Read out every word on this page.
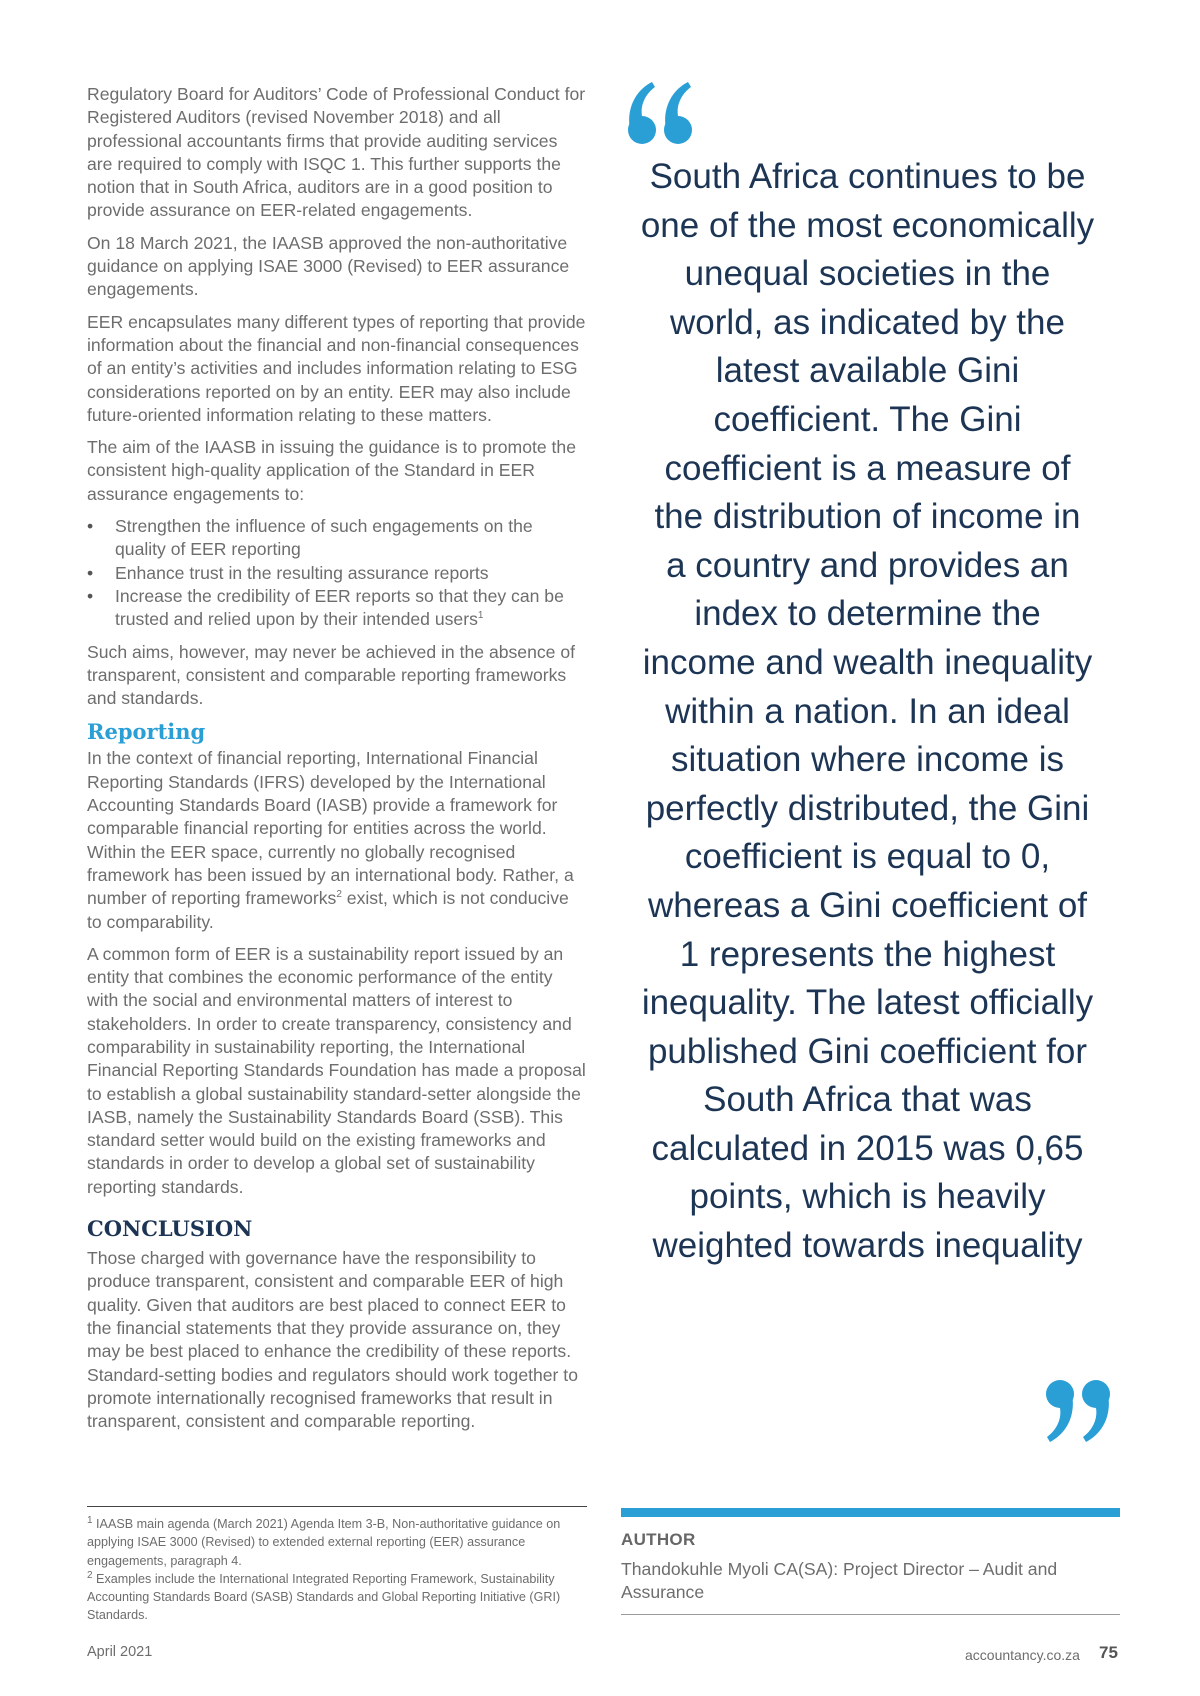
Regulatory Board for Auditors’ Code of Professional Conduct for Registered Auditors (revised November 2018) and all professional accountants firms that provide auditing services are required to comply with ISQC 1. This further supports the notion that in South Africa, auditors are in a good position to provide assurance on EER-related engagements.

On 18 March 2021, the IAASB approved the non-authoritative guidance on applying ISAE 3000 (Revised) to EER assurance engagements.

EER encapsulates many different types of reporting that provide information about the financial and non-financial consequences of an entity’s activities and includes information relating to ESG considerations reported on by an entity. EER may also include future-oriented information relating to these matters.

The aim of the IAASB in issuing the guidance is to promote the consistent high-quality application of the Standard in EER assurance engagements to:

• Strengthen the influence of such engagements on the quality of EER reporting
• Enhance trust in the resulting assurance reports
• Increase the credibility of EER reports so that they can be trusted and relied upon by their intended users$^1$

Such aims, however, may never be achieved in the absence of transparent, consistent and comparable reporting frameworks and standards.

Reporting

In the context of financial reporting, International Financial Reporting Standards (IFRS) developed by the International Accounting Standards Board (IASB) provide a framework for comparable financial reporting for entities across the world. Within the EER space, currently no globally recognised framework has been issued by an international body. Rather, a number of reporting frameworks$^2$ exist, which is not conducive to comparability.

A common form of EER is a sustainability report issued by an entity that combines the economic performance of the entity with the social and environmental matters of interest to stakeholders. In order to create transparency, consistency and comparability in sustainability reporting, the International Financial Reporting Standards Foundation has made a proposal to establish a global sustainability standard-setter alongside the IASB, namely the Sustainability Standards Board (SSB). This standard setter would build on the existing frameworks and standards in order to develop a global set of sustainability reporting standards.

CONCLUSION

Those charged with governance have the responsibility to produce transparent, consistent and comparable EER of high quality. Given that auditors are best placed to connect EER to the financial statements that they provide assurance on, they may be best placed to enhance the credibility of these reports. Standard-setting bodies and regulators should work together to promote internationally recognised frameworks that result in transparent, consistent and comparable reporting.

$^1$ IAASB main agenda (March 2021) Agenda Item 3-B, Non-authoritative guidance on applying ISAE 3000 (Revised) to extended external reporting (EER) assurance engagements, paragraph 4.

$^2$ Examples include the International Integrated Reporting Framework, Sustainability Accounting Standards Board (SASB) Standards and Global Reporting Initiative (GRI) Standards.

South Africa continues to be one of the most economically unequal societies in the world, as indicated by the latest available Gini coefficient. The Gini coefficient is a measure of the distribution of income in a country and provides an index to determine the income and wealth inequality within a nation. In an ideal situation where income is perfectly distributed, the Gini coefficient is equal to 0, whereas a Gini coefficient of 1 represents the highest inequality. The latest officially published Gini coefficient for South Africa that was calculated in 2015 was 0,65 points, which is heavily weighted towards inequality
AUTHOR
Thandokuhle Myoli CA(SA): Project Director – Audit and Assurance
April 2021	accountancy.co.za 75
